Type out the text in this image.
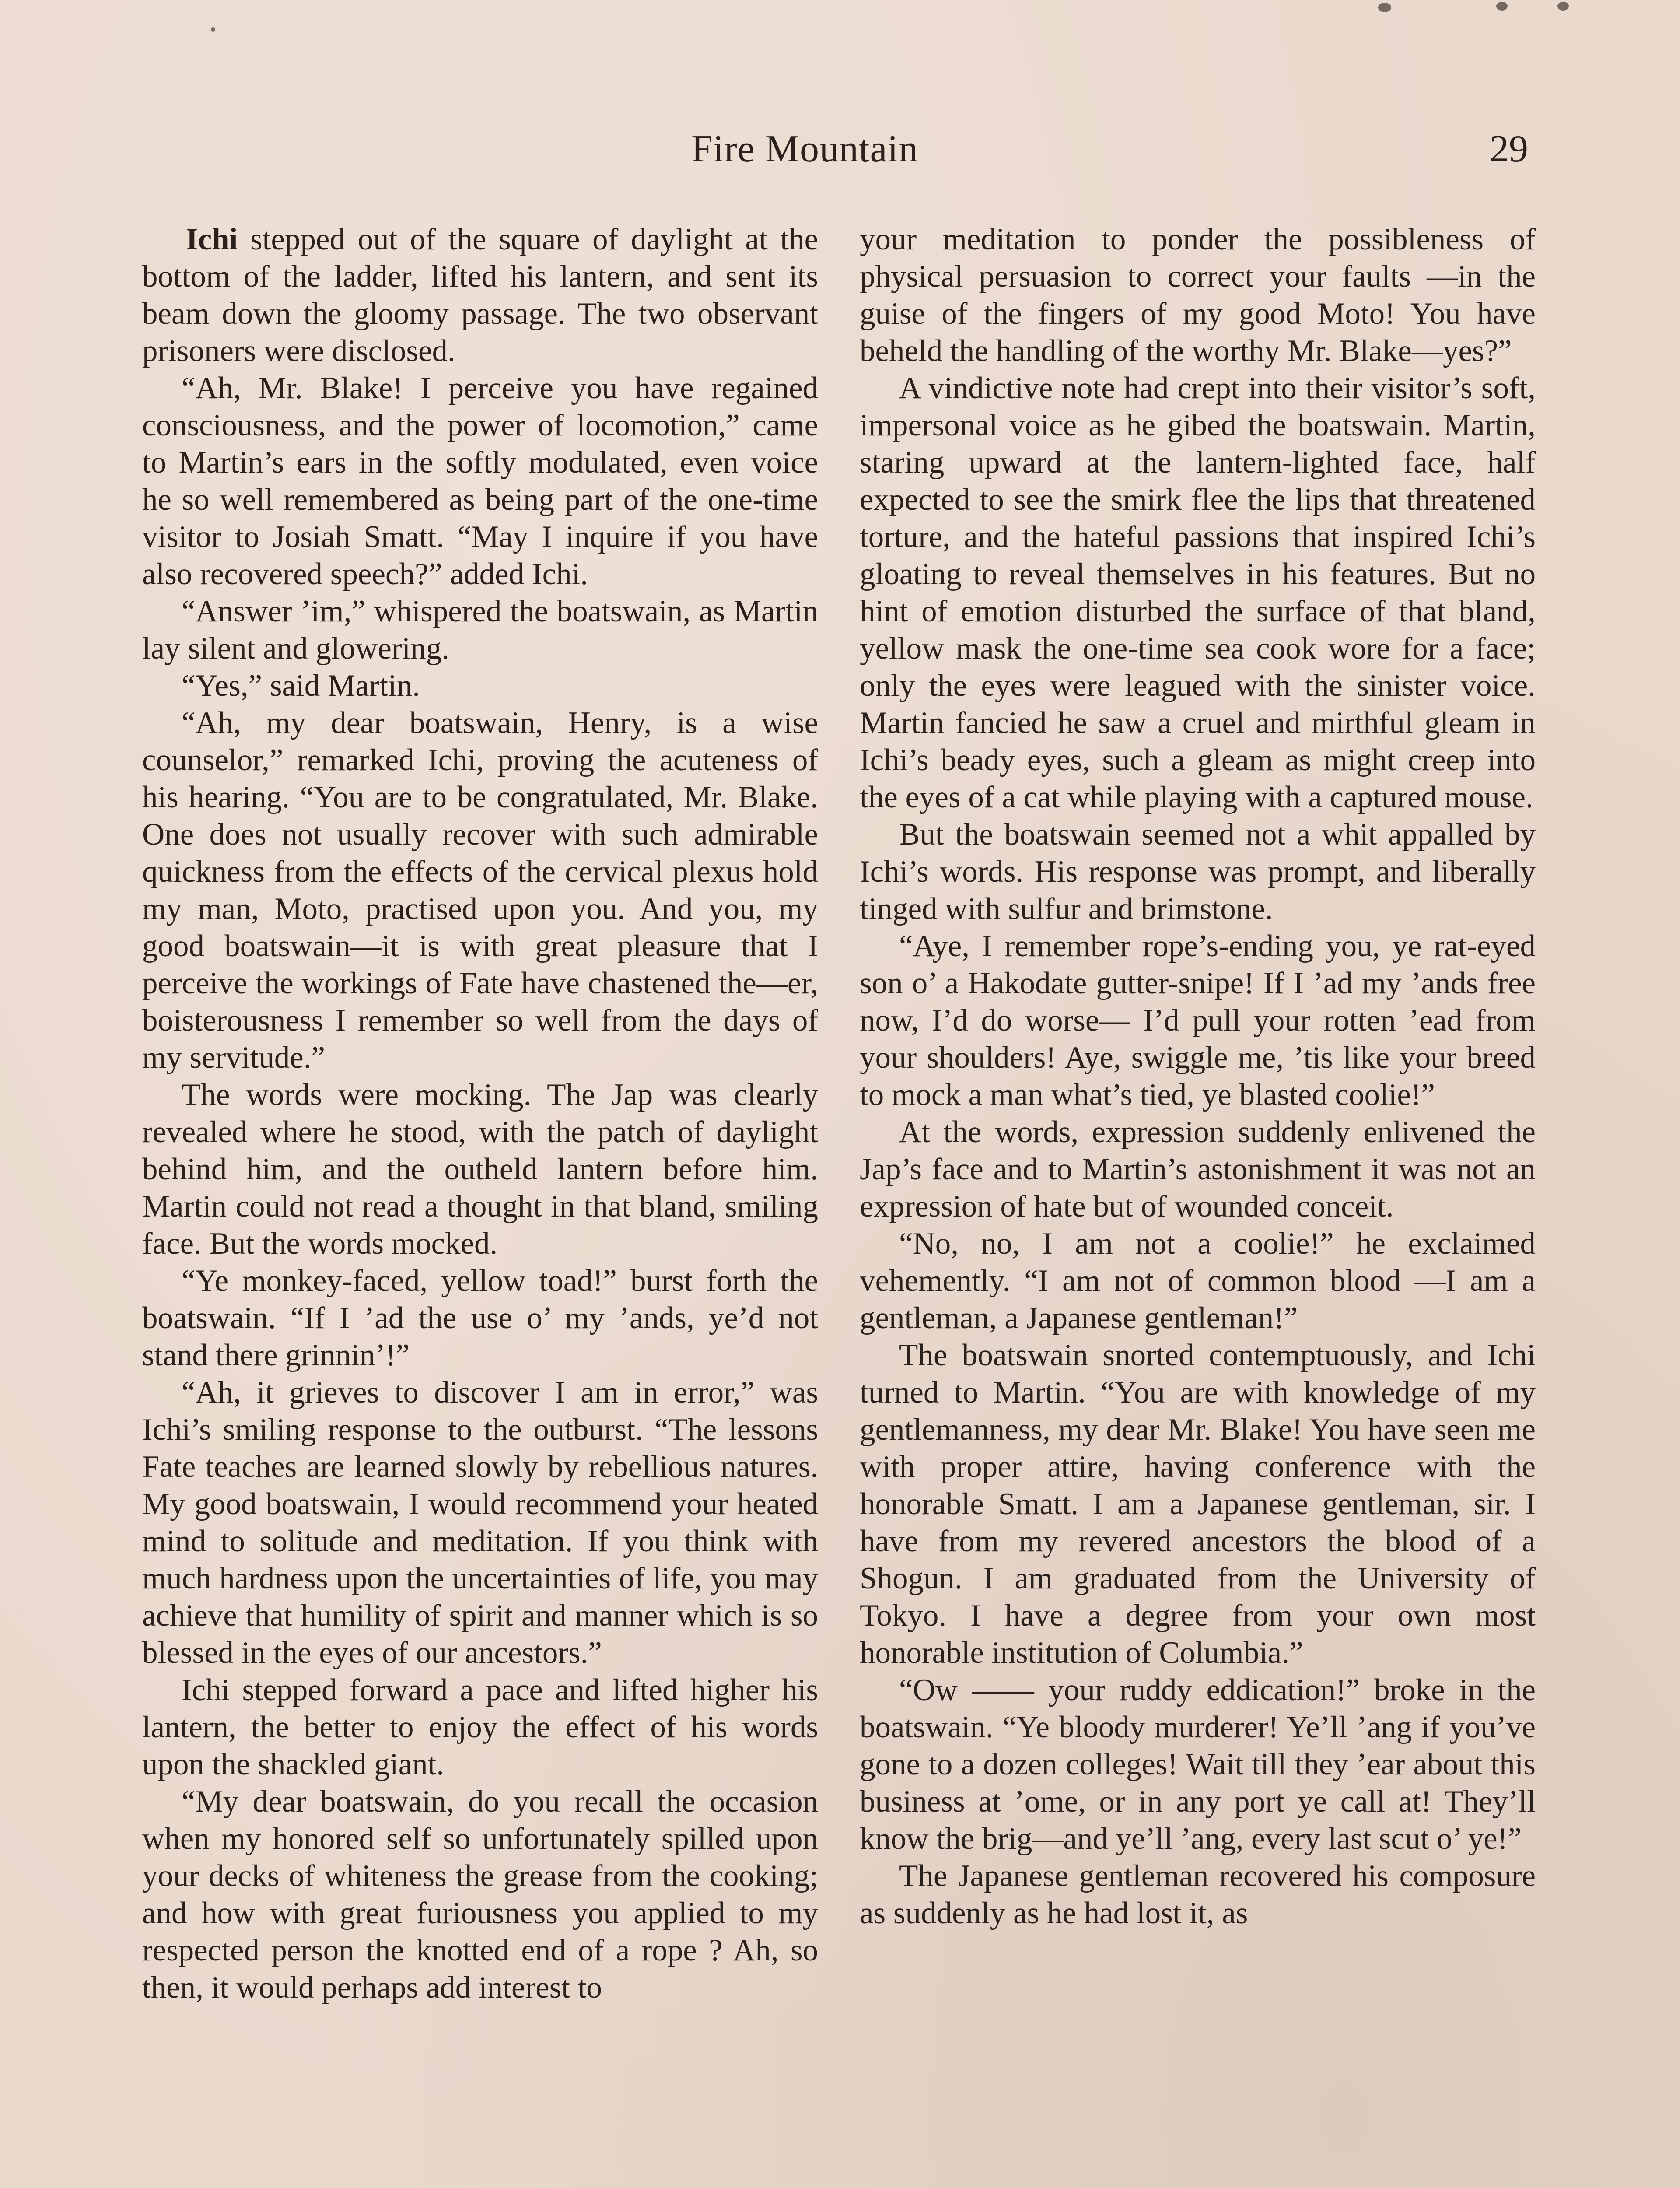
Fire Mountain	29

Ichi stepped out of the square of daylight at the bottom of the ladder, lifted his lantern, and sent its beam down the gloomy passage. The two observant prisoners were disclosed.

“Ah, Mr. Blake! I perceive you have regained consciousness, and the power of locomotion,” came to Martin’s ears in the softly modulated, even voice he so well remembered as being part of the one-time visitor to Josiah Smatt. “May I inquire if you have also recovered speech?” added Ichi.

“Answer ’im,” whispered the boatswain, as Martin lay silent and glowering.

“Yes,” said Martin.

“Ah, my dear boatswain, Henry, is a wise counselor,” remarked Ichi, proving the acuteness of his hearing. “You are to be congratulated, Mr. Blake. One does not usually recover with such admirable quickness from the effects of the cervical plexus hold my man, Moto, practised upon you. And you, my good boatswain—it is with great pleasure that I perceive the workings of Fate have chastened the—er, boisterousness I remember so well from the days of my servitude.”

The words were mocking. The Jap was clearly revealed where he stood, with the patch of daylight behind him, and the outheld lantern before him. Martin could not read a thought in that bland, smiling face. But the words mocked.

“Ye monkey-faced, yellow toad!” burst forth the boatswain. “If I ’ad the use o’ my ’ands, ye’d not stand there grinnin’!”

“Ah, it grieves to discover I am in error,” was Ichi’s smiling response to the outburst. “The lessons Fate teaches are learned slowly by rebellious natures. My good boatswain, I would recommend your heated mind to solitude and meditation. If you think with much hardness upon the uncertainties of life, you may achieve that humility of spirit and manner which is so blessed in the eyes of our ancestors.”

Ichi stepped forward a pace and lifted higher his lantern, the better to enjoy the effect of his words upon the shackled giant.

“My dear boatswain, do you recall the occasion when my honored self so unfortunately spilled upon your decks of whiteness the grease from the cooking; and how with great furiousness you applied to my respected person the knotted end of a rope ? Ah, so then, it would perhaps add interest to

your meditation to ponder the possibleness of physical persuasion to correct your faults —in the guise of the fingers of my good Moto! You have beheld the handling of the worthy Mr. Blake—yes?”

A vindictive note had crept into their visitor’s soft, impersonal voice as he gibed the boatswain. Martin, staring upward at the lantern-lighted face, half expected to see the smirk flee the lips that threatened torture, and the hateful passions that inspired Ichi’s gloating to reveal themselves in his features. But no hint of emotion disturbed the surface of that bland, yellow mask the one-time sea cook wore for a face; only the eyes were leagued with the sinister voice. Martin fancied he saw a cruel and mirthful gleam in Ichi’s beady eyes, such a gleam as might creep into the eyes of a cat while playing with a captured mouse.

But the boatswain seemed not a whit appalled by Ichi’s words. His response was prompt, and liberally tinged with sulfur and brimstone.

“Aye, I remember rope’s-ending you, ye rat-eyed son o’ a Hakodate gutter-snipe! If I ’ad my ’ands free now, I’d do worse— I’d pull your rotten ’ead from your shoulders! Aye, swiggle me, ’tis like your breed to mock a man what’s tied, ye blasted coolie!”

At the words, expression suddenly enlivened the Jap’s face and to Martin’s astonishment it was not an expression of hate but of wounded conceit.

“No, no, I am not a coolie!” he exclaimed vehemently. “I am not of common blood —I am a gentleman, a Japanese gentleman!”

The boatswain snorted contemptuously, and Ichi turned to Martin. “You are with knowledge of my gentlemanness, my dear Mr. Blake! You have seen me with proper attire, having conference with the honorable Smatt. I am a Japanese gentleman, sir. I have from my revered ancestors the blood of a Shogun. I am graduated from the University of Tokyo. I have a degree from your own most honorable institution of Columbia.”

“Ow —— your ruddy eddication!” broke in the boatswain. “Ye bloody murderer! Ye’ll ’ang if you’ve gone to a dozen colleges! Wait till they ’ear about this business at ’ome, or in any port ye call at! They’ll know the brig—and ye’ll ’ang, every last scut o’ ye!”

The Japanese gentleman recovered his composure as suddenly as he had lost it, as
